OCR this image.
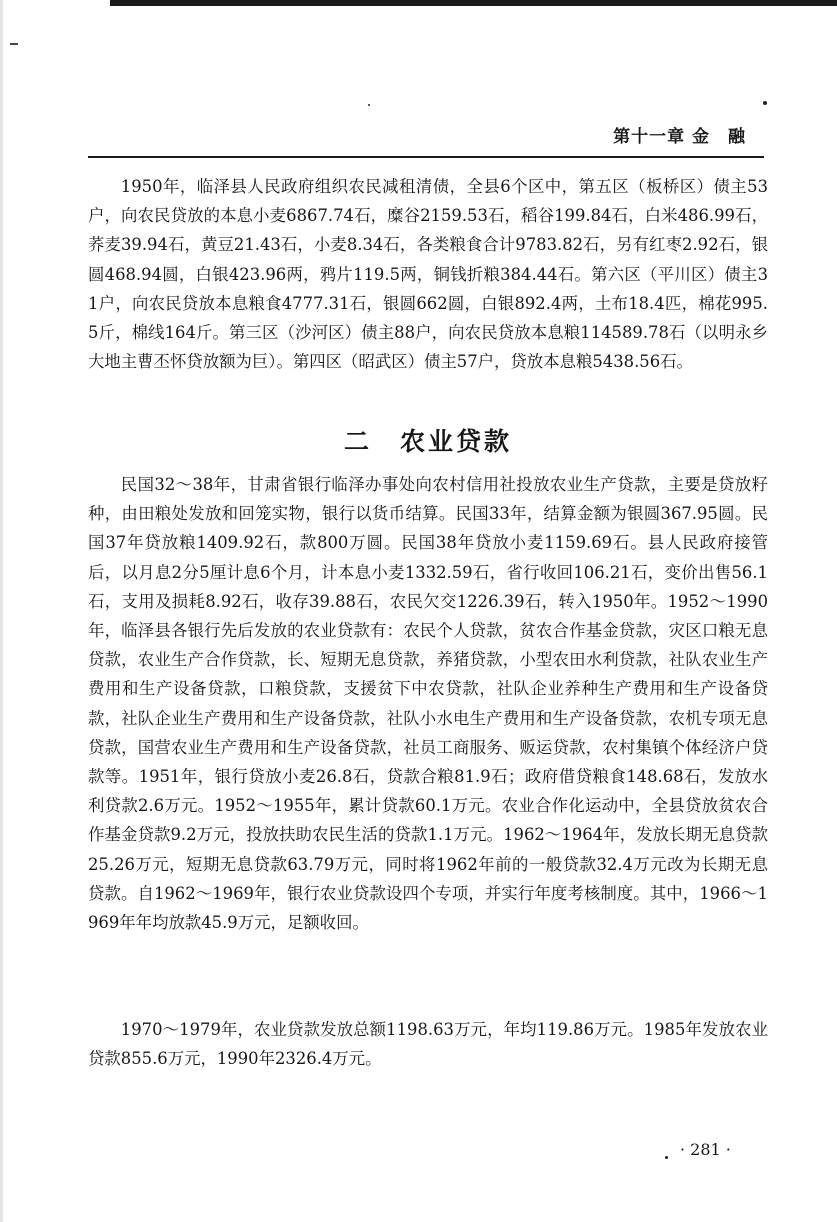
第十一章 金　融

1950年，临泽县人民政府组织农民减租清债，全县6个区中，第五区（板桥区）债主53户，向农民贷放的本息小麦6867.74石，糜谷2159.53石，稻谷199.84石，白米486.99石，荞麦39.94石，黄豆21.43石，小麦8.34石，各类粮食合计9783.82石，另有红枣2.92石，银圆468.94圆，白银423.96两，鸦片119.5两，铜钱折粮384.44石。第六区（平川区）债主31户，向农民贷放本息粮食4777.31石，银圆662圆，白银892.4两，土布18.4匹，棉花995.5斤，棉线164斤。第三区（沙河区）债主88户，向农民贷放本息粮114589.78石（以明永乡大地主曹丕怀贷放额为巨）。第四区（昭武区）债主57户，贷放本息粮5438.56石。

二　农业贷款

民国32～38年，甘肃省银行临泽办事处向农村信用社投放农业生产贷款，主要是贷放籽种，由田粮处发放和回笼实物，银行以货币结算。民国33年，结算金额为银圆367.95圆。民国37年贷放粮1409.92石，款800万圆。民国38年贷放小麦1159.69石。县人民政府接管后，以月息2分5厘计息6个月，计本息小麦1332.59石，省行收回106.21石，变价出售56.1石，支用及损耗8.92石，收存39.88石，农民欠交1226.39石，转入1950年。1952～1990年，临泽县各银行先后发放的农业贷款有：农民个人贷款，贫农合作基金贷款，灾区口粮无息贷款，农业生产合作贷款，长、短期无息贷款，养猪贷款，小型农田水利贷款，社队农业生产费用和生产设备贷款，口粮贷款，支援贫下中农贷款，社队企业养种生产费用和生产设备贷款，社队企业生产费用和生产设备贷款，社队小水电生产费用和生产设备贷款，农机专项无息贷款，国营农业生产费用和生产设备贷款，社员工商服务、贩运贷款，农村集镇个体经济户贷款等。1951年，银行贷放小麦26.8石，贷款合粮81.9石；政府借贷粮食148.68石，发放水利贷款2.6万元。1952～1955年，累计贷款60.1万元。农业合作化运动中，全县贷放贫农合作基金贷款9.2万元，投放扶助农民生活的贷款1.1万元。1962～1964年，发放长期无息贷款25.26万元，短期无息贷款63.79万元，同时将1962年前的一般贷款32.4万元改为长期无息贷款。自1962～1969年，银行农业贷款设四个专项，并实行年度考核制度。其中，1966～1969年年均放款45.9万元，足额收回。

1970～1979年，农业贷款发放总额1198.63万元，年均119.86万元。1985年发放农业贷款855.6万元，1990年2326.4万元。

· 281 ·
